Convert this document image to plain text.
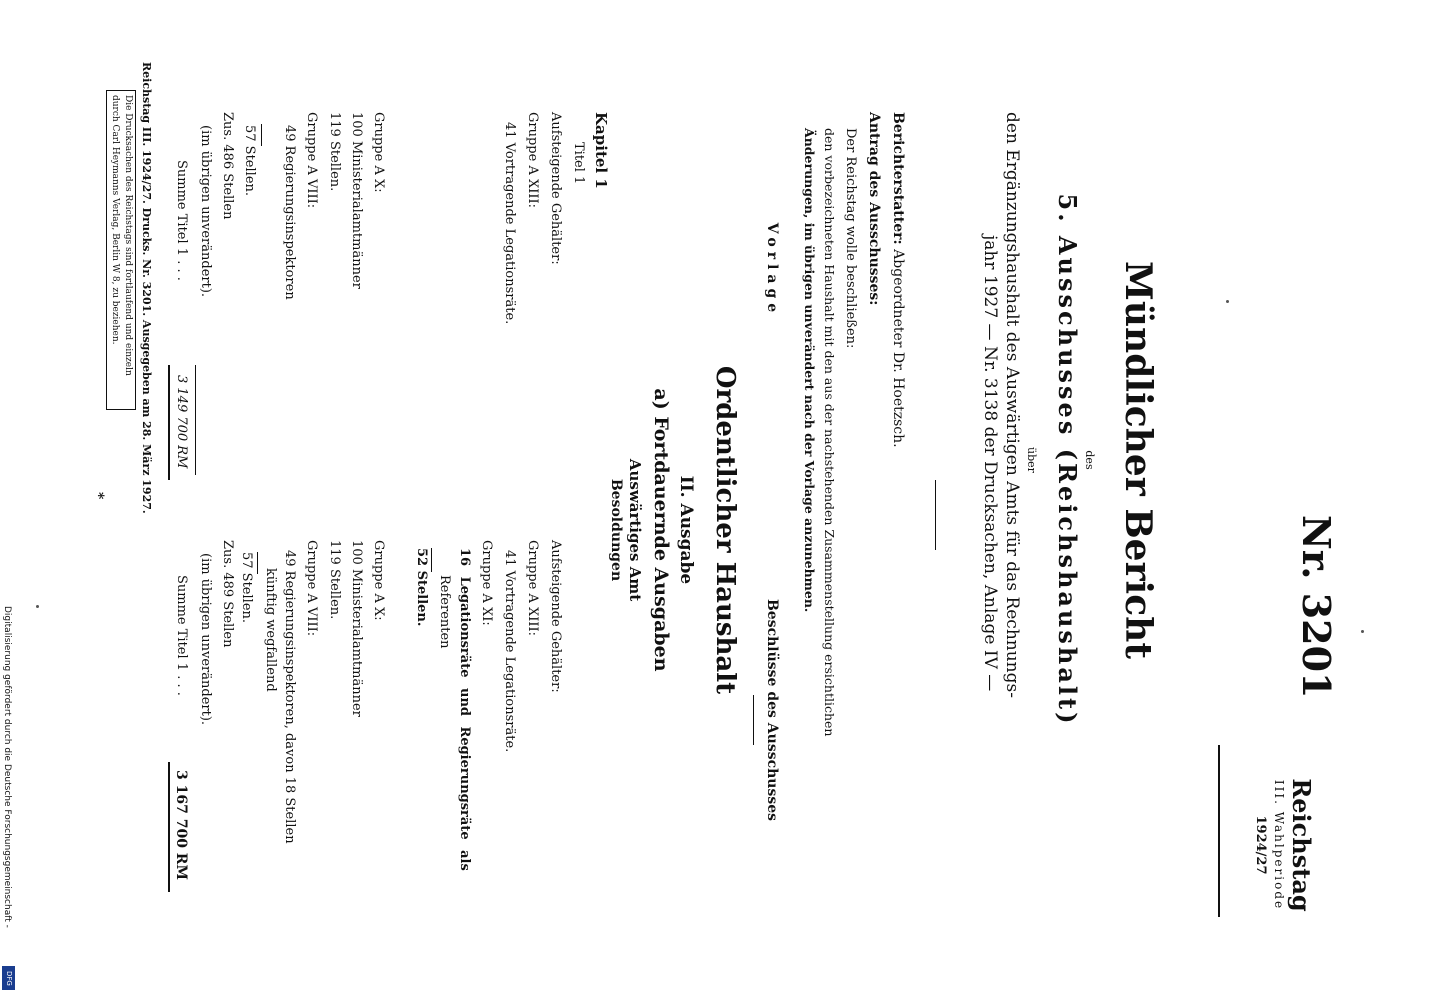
Nr. 3201
Reichstag
III. Wahlperiode
1924/27
Mündlicher Bericht
des
5. Ausschusses (Reichshaushalt)
über
den Ergänzungshaushalt des Auswärtigen Amts für das Rechnungs-
jahr 1927 — Nr. 3138 der Drucksachen, Anlage IV —
Berichterstatter: Abgeordneter Dr. Hoetzsch.
Antrag des Ausschusses:
Der Reichstag wolle beschließen:
den vorbezeichneten Haushalt mit den aus der nachstehenden Zusammenstellung ersichtlichen
Änderungen, im übrigen unverändert nach der Vorlage anzunehmen.
Vorlage
Beschlüsse des Ausschusses
Ordentlicher Haushalt
II. Ausgabe
a) Fortdauernde Ausgaben
Auswärtiges Amt
Besoldungen
Kapitel 1
Titel 1
Aufsteigende Gehälter:
Gruppe A XIII:
41 Vortragende Legationsräte.
Gruppe A X:
100 Ministerialamtmänner
119 Stellen.
Gruppe A VIII:
49 Regierungsinspektoren
57 Stellen.
Zus. 486 Stellen
(im übrigen unverändert).
Summe Titel 1 . . .
3 149 700 RM
Aufsteigende Gehälter:
Gruppe A XIII:
41 Vortragende Legationsräte.
Gruppe A XI:
16 Legationsräte und Regierungsräte als
Referenten
52 Stellen.
Gruppe A X:
100 Ministerialamtmänner
119 Stellen.
Gruppe A VIII:
49 Regierungsinspektoren, davon 18 Stellen
künftig wegfallend
57 Stellen.
Zus. 489 Stellen
(im übrigen unverändert).
Summe Titel 1 . . .
3 167 700 RM
Reichstag III. 1924/27. Drucks. Nr. 3201. Ausgegeben am 28. März 1927.
Die Drucksachen des Reichstags sind fortlaufend und einzeln
durch Carl Heymanns Verlag, Berlin W 8, zu beziehen.
*
Digitalisierung gefördert durch die Deutsche Forschungsgemeinschaft -
DFG
